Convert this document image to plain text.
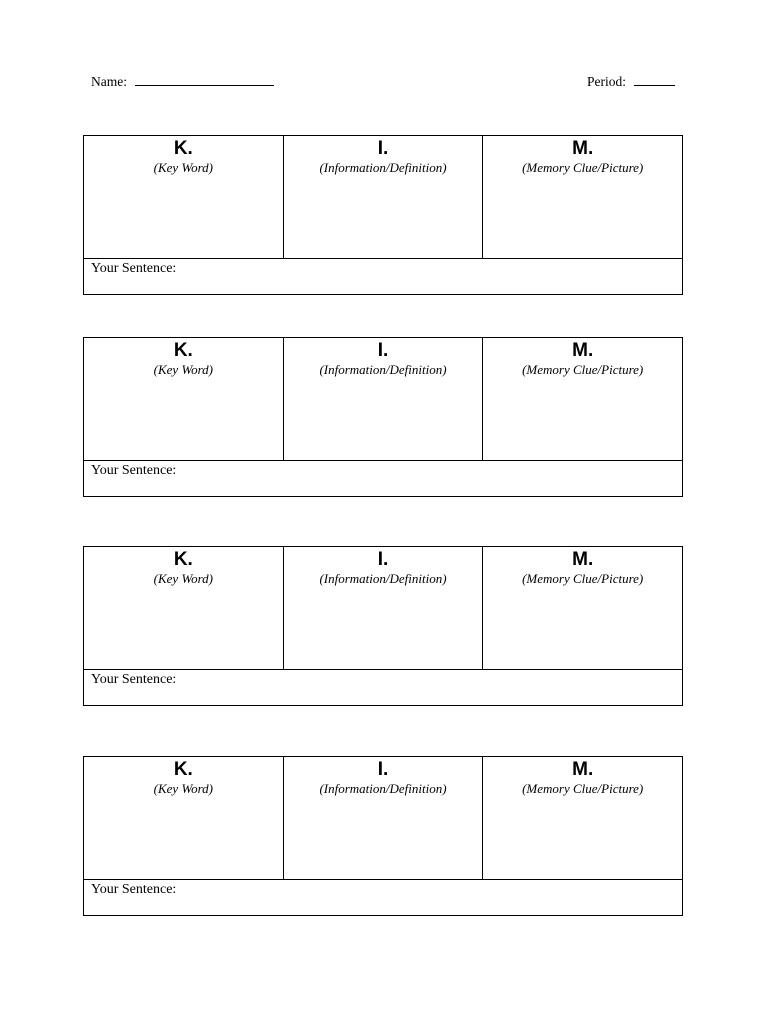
Name:	Period:
K.
(Key Word)
I.
(Information/Definition)
M.
(Memory Clue/Picture)
Your Sentence:
K.
(Key Word)
I.
(Information/Definition)
M.
(Memory Clue/Picture)
Your Sentence:
K.
(Key Word)
I.
(Information/Definition)
M.
(Memory Clue/Picture)
Your Sentence:
K.
(Key Word)
I.
(Information/Definition)
M.
(Memory Clue/Picture)
Your Sentence:
